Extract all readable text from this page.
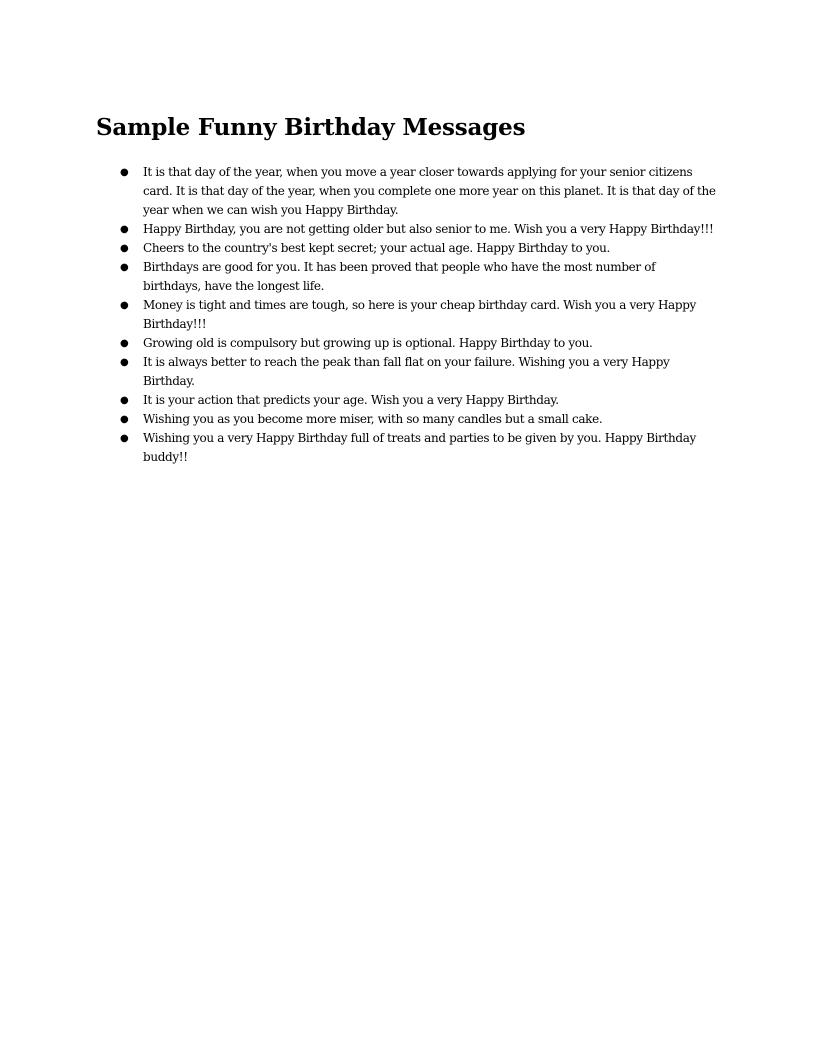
Sample Funny Birthday Messages
● It is that day of the year, when you move a year closer towards applying for your senior citizens card. It is that day of the year, when you complete one more year on this planet. It is that day of the year when we can wish you Happy Birthday.
● Happy Birthday, you are not getting older but also senior to me. Wish you a very Happy Birthday!!!
● Cheers to the country's best kept secret; your actual age. Happy Birthday to you.
● Birthdays are good for you. It has been proved that people who have the most number of birthdays, have the longest life.
● Money is tight and times are tough, so here is your cheap birthday card. Wish you a very Happy Birthday!!!
● Growing old is compulsory but growing up is optional. Happy Birthday to you.
● It is always better to reach the peak than fall flat on your failure. Wishing you a very Happy Birthday.
● It is your action that predicts your age. Wish you a very Happy Birthday.
● Wishing you as you become more miser, with so many candles but a small cake.
● Wishing you a very Happy Birthday full of treats and parties to be given by you. Happy Birthday buddy!!
